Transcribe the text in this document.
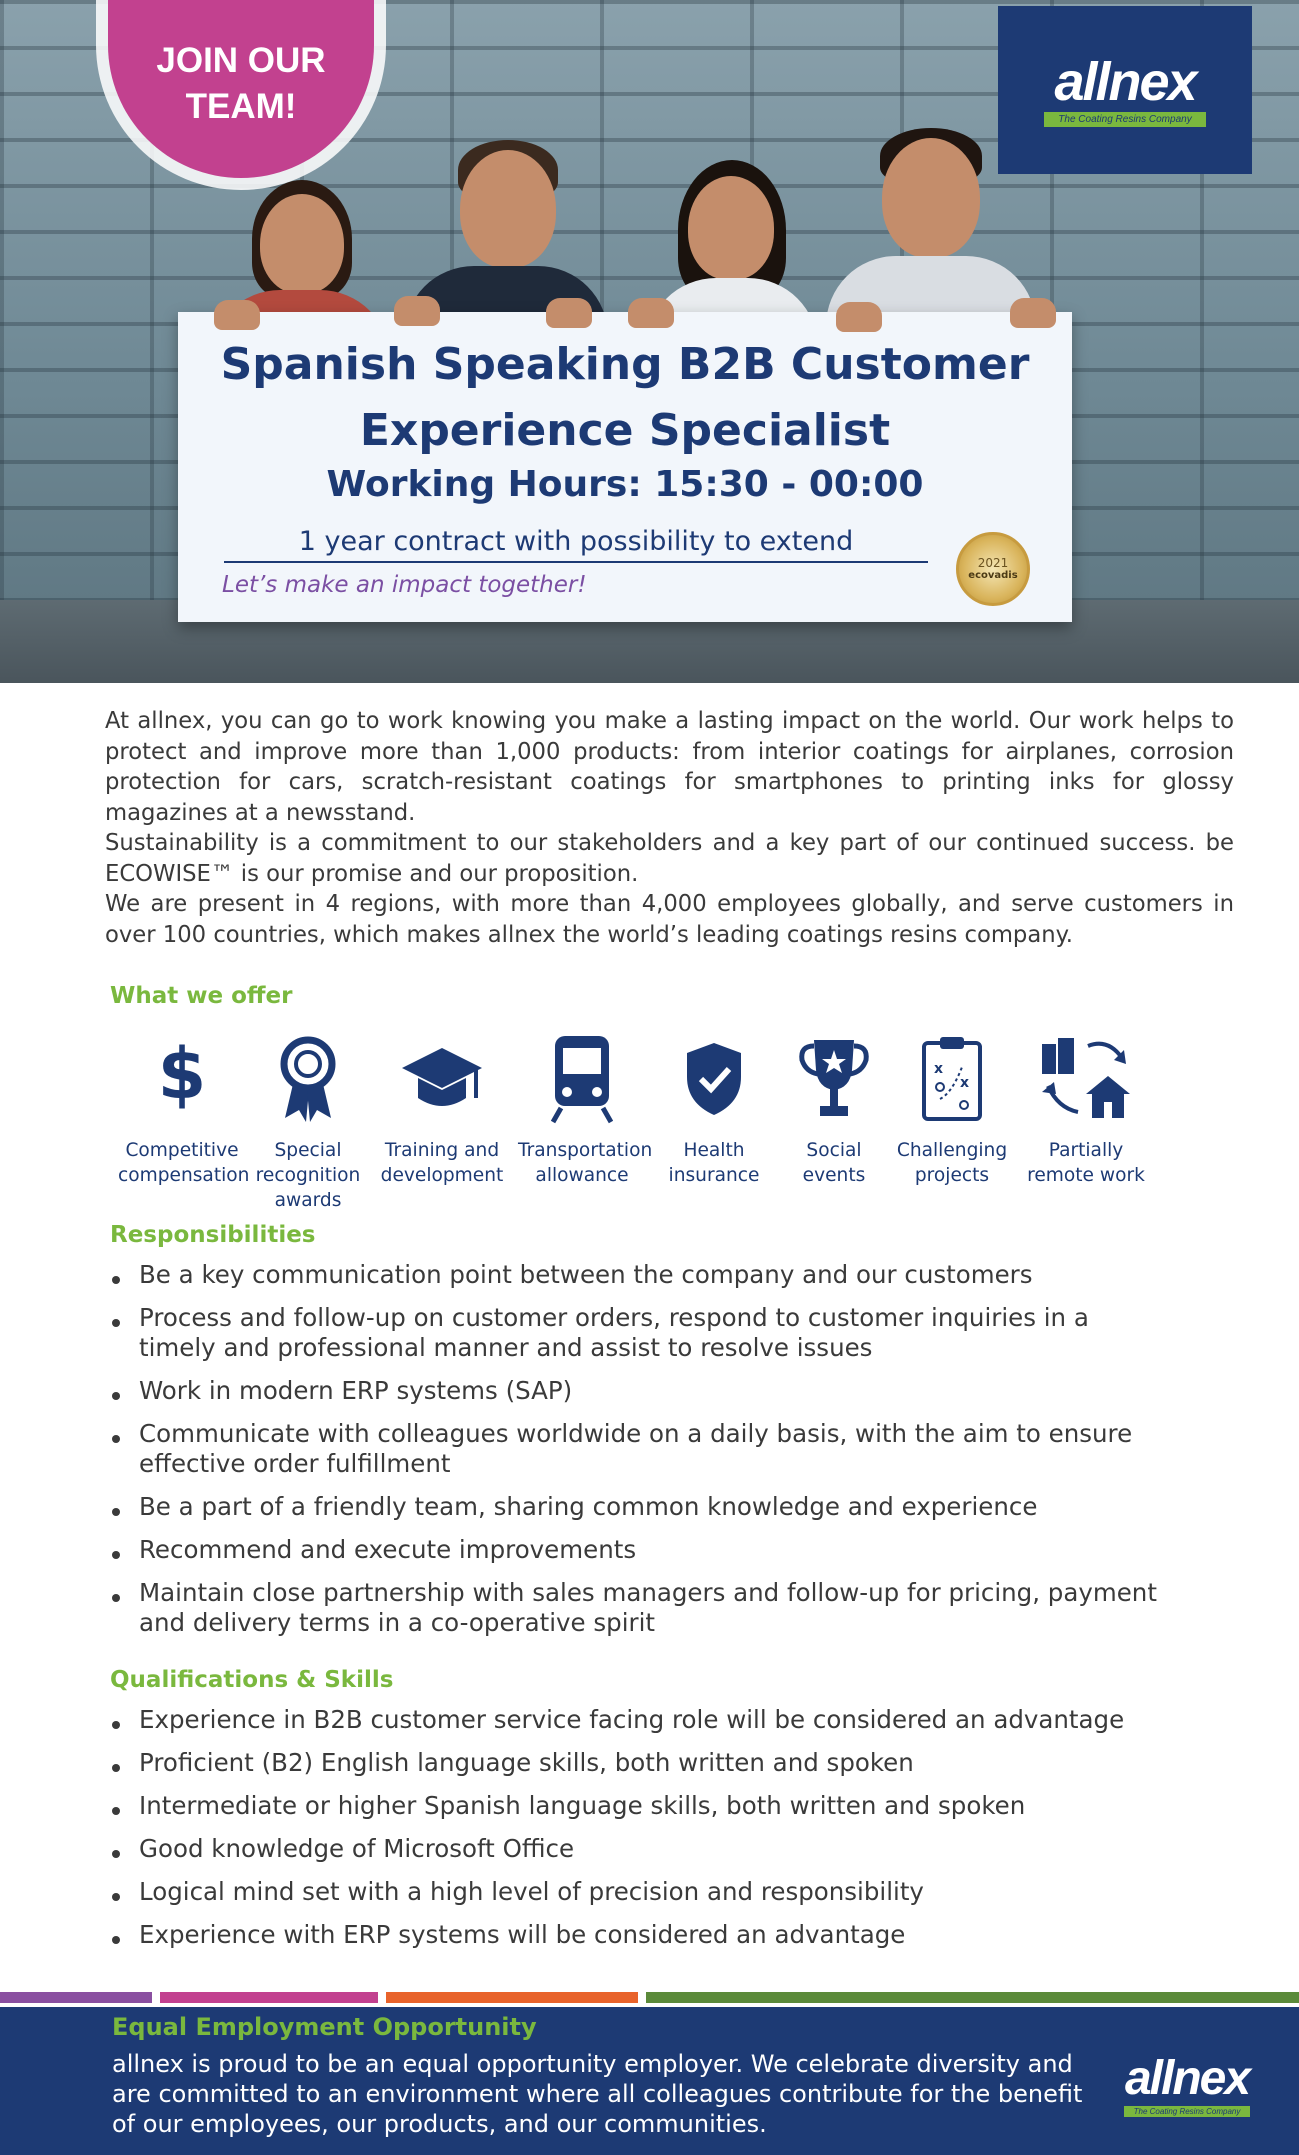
JOIN OUR TEAM!	allnex
The Coating Resins Company
Spanish Speaking B2B Customer Experience Specialist
Working Hours: 15:30 - 00:00
1 year contract with possibility to extend
Let’s make an impact together!
2021
ecovadis

At allnex, you can go to work knowing you make a lasting impact on the world. Our work helps to protect and improve more than 1,000 products: from interior coatings for airplanes, corrosion protection for cars, scratch-resistant coatings for smartphones to printing inks for glossy magazines at a newsstand.

Sustainability is a commitment to our stakeholders and a key part of our continued success. be ECOWISE™ is our promise and our proposition.

We are present in 4 regions, with more than 4,000 employees globally, and serve customers in over 100 countries, which makes allnex the world’s leading coatings resins company.

What we offer
$
Competitive
compensation
Special
recognition
awards
Training and
development
Transportation
allowance
Health
insurance
Social
events
x
x
Challenging
projects
Partially
remote work
Responsibilities
Be a key communication point between the company and our customers
Process and follow-up on customer orders, respond to customer inquiries in a timely and professional manner and assist to resolve issues
Work in modern ERP systems (SAP)
Communicate with colleagues worldwide on a daily basis, with the aim to ensure effective order fulfillment
Be a part of a friendly team, sharing common knowledge and experience
Recommend and execute improvements
Maintain close partnership with sales managers and follow-up for pricing, payment and delivery terms in a co-operative spirit
Qualifications & Skills
Experience in B2B customer service facing role will be considered an advantage
Proficient (B2) English language skills, both written and spoken
Intermediate or higher Spanish language skills, both written and spoken
Good knowledge of Microsoft Office
Logical mind set with a high level of precision and responsibility
Experience with ERP systems will be considered an advantage
Equal Employment Opportunity
allnex is proud to be an equal opportunity employer. We celebrate diversity and are committed to an environment where all colleagues contribute for the benefit of our employees, our products, and our communities.
allnex
The Coating Resins Company
